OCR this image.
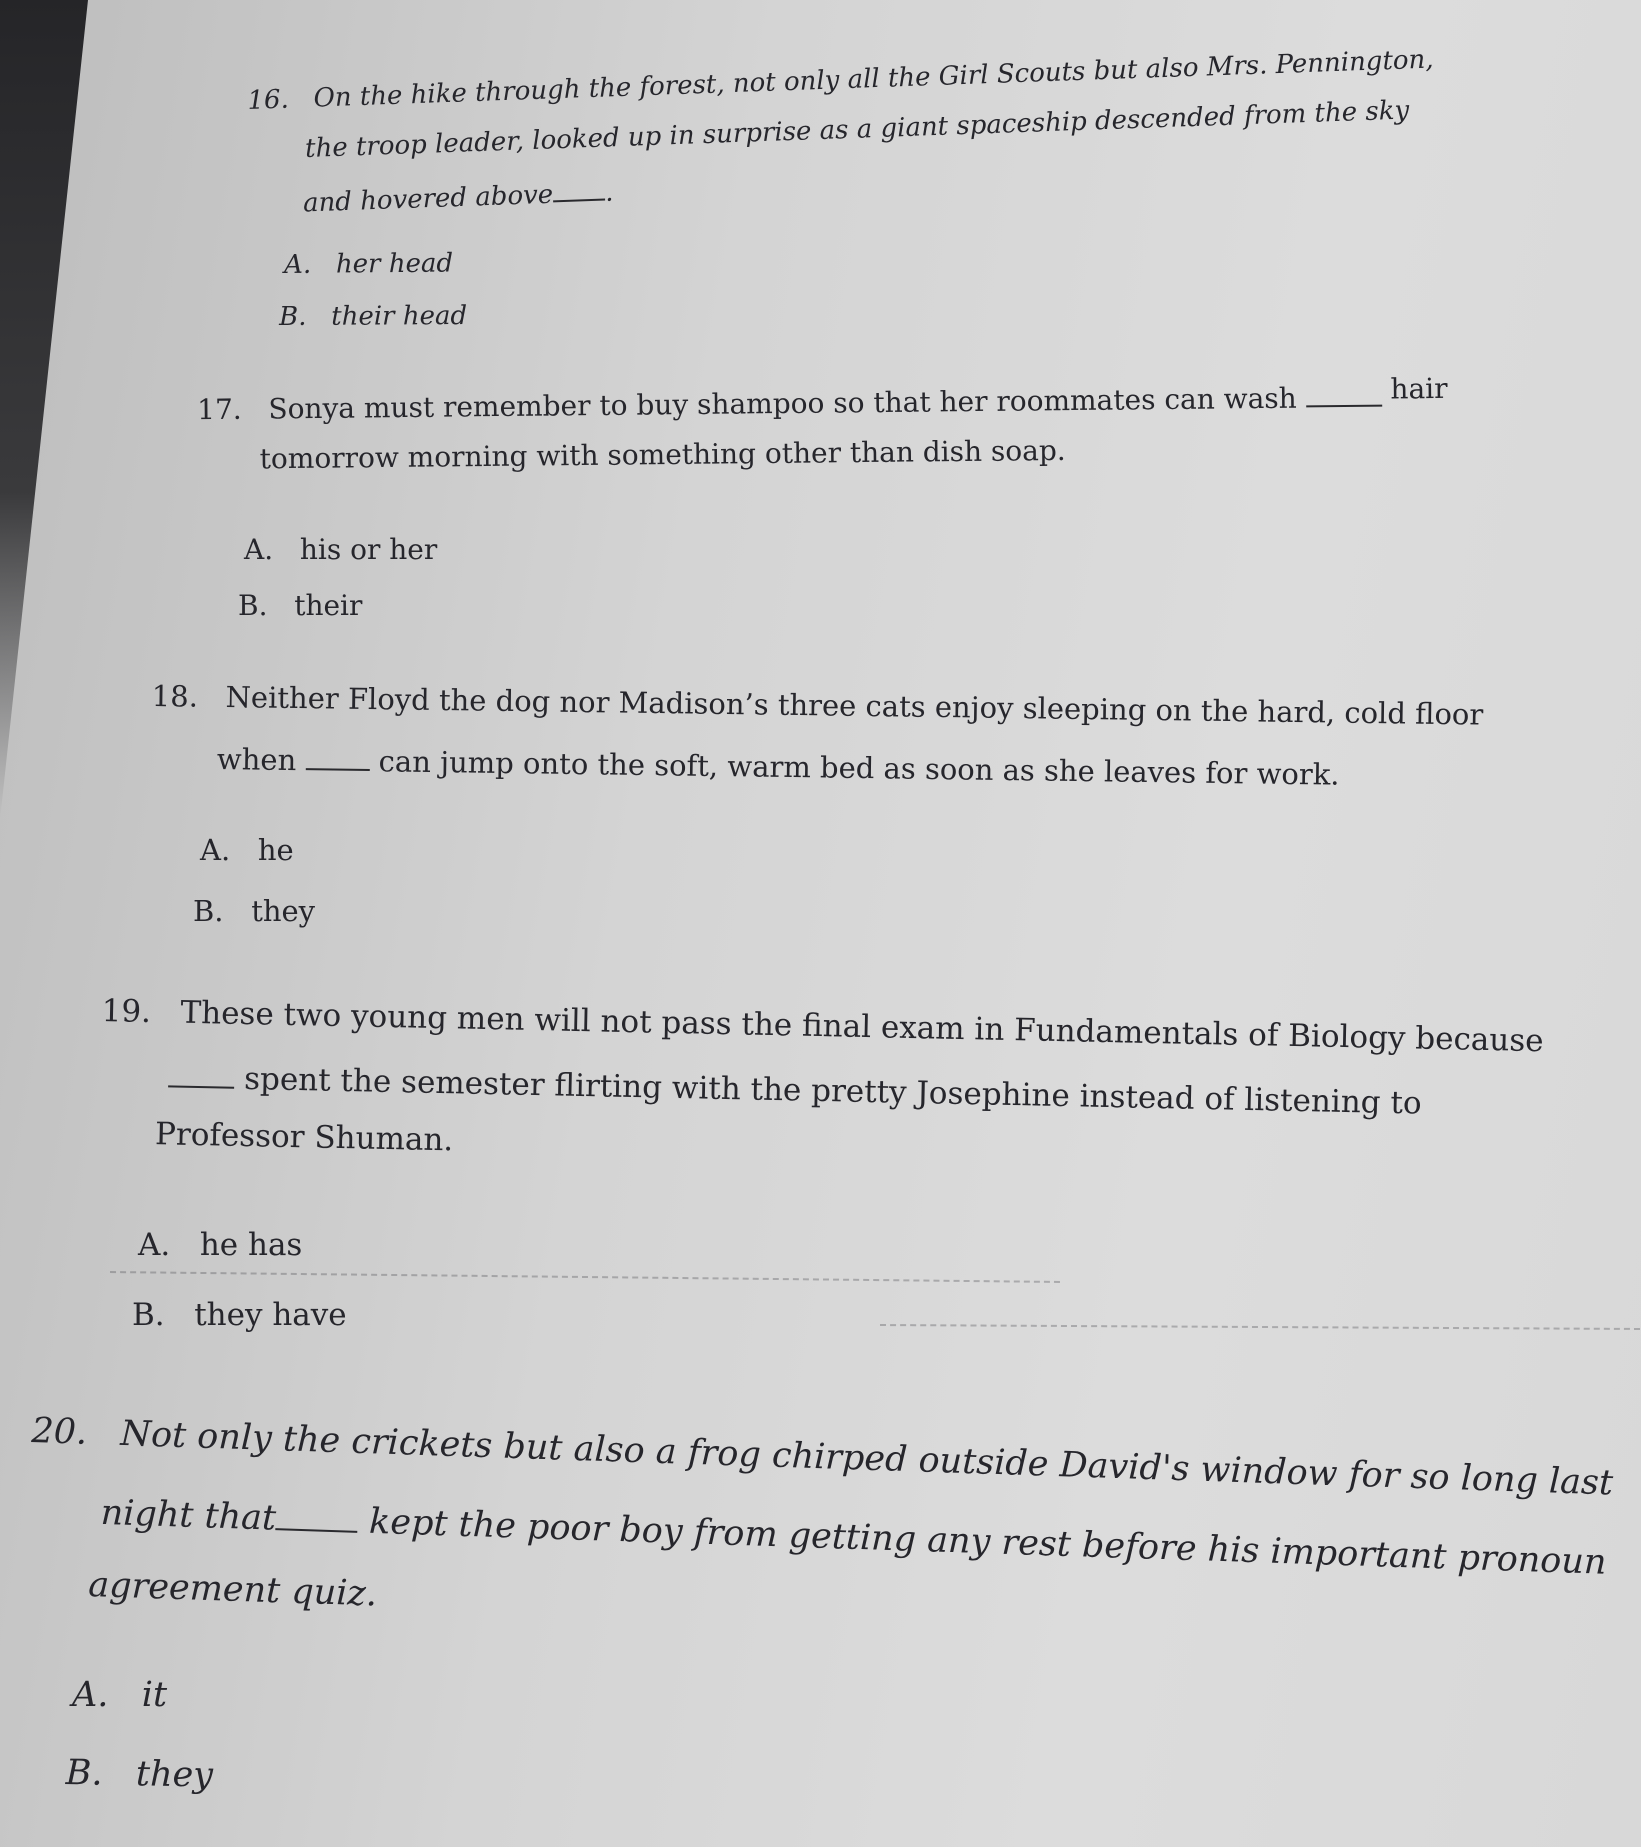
16. On the hike through the forest, not only all the Girl Scouts but also Mrs. Pennington,
the troop leader, looked up in surprise as a giant spaceship descended from the sky
and hovered above .
A. her head
B. their head
17. Sonya must remember to buy shampoo so that her roommates can wash	hair
tomorrow morning with something other than dish soap.
A. his or her
B. their
18. Neither Floyd the dog nor Madison’s three cats enjoy sleeping on the hard, cold floor
when	can jump onto the soft, warm bed as soon as she leaves for work.
A. he
B. they
19. These two young men will not pass the final exam in Fundamentals of Biology because
spent the semester flirting with the pretty Josephine instead of listening to
Professor Shuman.
A. he has
B. they have
20. Not only the crickets but also a frog chirped outside David's window for so long last
night that	kept the poor boy from getting any rest before his important pronoun
agreement quiz.
A. it
B. they
